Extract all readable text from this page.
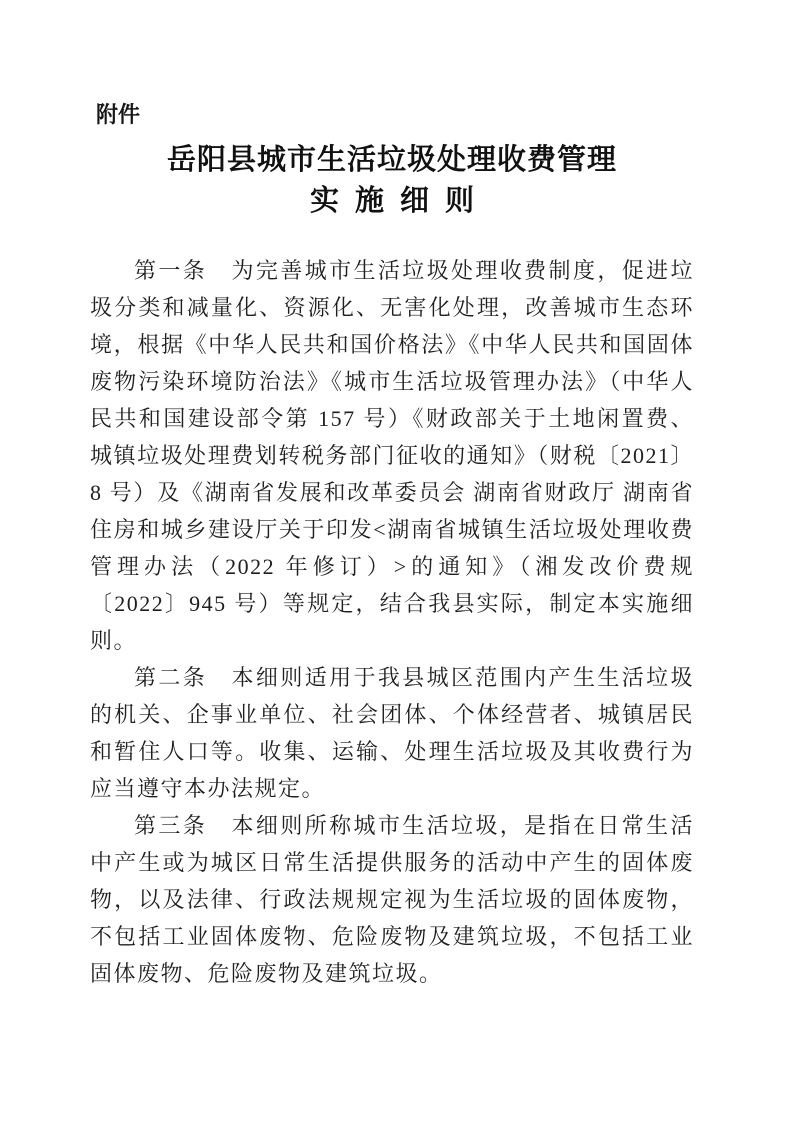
附件
岳阳县城市生活垃圾处理收费管理
实施细则

第一条　为完善城市生活垃圾处理收费制度，促进垃圾分类和减量化、资源化、无害化处理，改善城市生态环境，根据《中华人民共和国价格法》《中华人民共和国固体废物污染环境防治法》《城市生活垃圾管理办法》（中华人民共和国建设部令第 157 号）《财政部关于土地闲置费、城镇垃圾处理费划转税务部门征收的通知》（财税〔2021〕8 号）及《湖南省发展和改革委员会 湖南省财政厅 湖南省住房和城乡建设厅关于印发<湖南省城镇生活垃圾处理收费管理办法（2022 年修订）>的通知》（湘发改价费规〔2022〕945 号）等规定，结合我县实际，制定本实施细则。

第二条　本细则适用于我县城区范围内产生生活垃圾的机关、企事业单位、社会团体、个体经营者、城镇居民和暂住人口等。收集、运输、处理生活垃圾及其收费行为应当遵守本办法规定。

第三条　本细则所称城市生活垃圾，是指在日常生活中产生或为城区日常生活提供服务的活动中产生的固体废物，以及法律、行政法规规定视为生活垃圾的固体废物，不包括工业固体废物、危险废物及建筑垃圾，不包括工业固体废物、危险废物及建筑垃圾。
